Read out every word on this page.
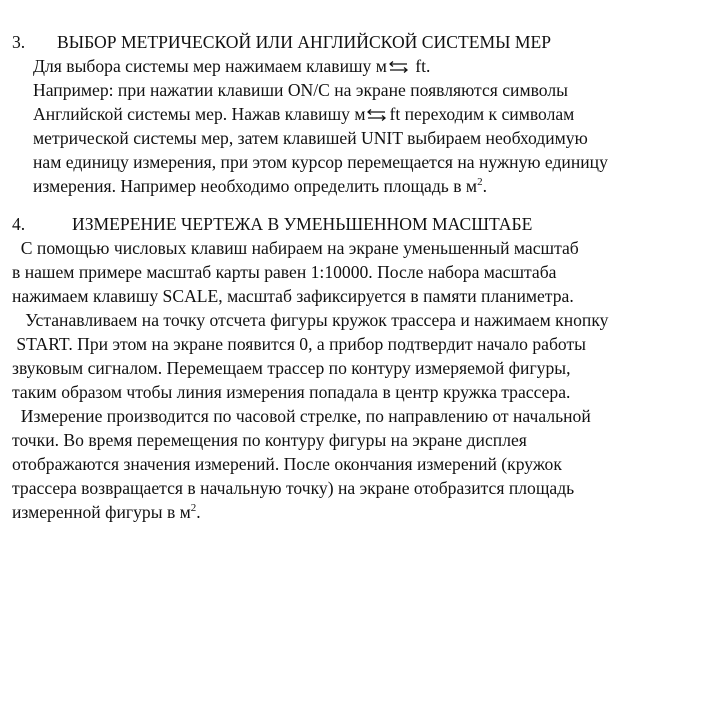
3. ВЫБОР МЕТРИЧЕСКОЙ ИЛИ АНГЛИЙСКОЙ СИСТЕМЫ МЕР
Для выбора системы мер нажимаем клавишу м
ft.
Например: при нажатии клавиши ON/C на экране появляются символы
Английской системы мер. Нажав клавишу м ft переходим к символам
метрической системы мер, затем клавишей UNIT выбираем необходимую
нам единицу измерения, при этом курсор перемещается на нужную единицу
измерения. Например необходимо определить площадь в $м^2$.
4.	ИЗМЕРЕНИЕ ЧЕРТЕЖА В УМЕНЬШЕННОМ МАСШТАБЕ
С помощью числовых клавиш набираем на экране уменьшенный масштаб
в нашем примере масштаб карты равен 1:10000. После набора масштаба
нажимаем клавишу SCALE, масштаб зафиксируется в памяти планиметра.
Устанавливаем на точку отсчета фигуры кружок трассера и нажимаем кнопку
START. При этом на экране появится 0, а прибор подтвердит начало работы
звуковым сигналом. Перемещаем трассер по контуру измеряемой фигуры,
таким образом чтобы линия измерения попадала в центр кружка трассера.
Измерение производится по часовой стрелке, по направлению от начальной
точки. Во время перемещения по контуру фигуры на экране дисплея
отображаются значения измерений. После окончания измерений (кружок
трассера возвращается в начальную точку) на экране отобразится площадь
измеренной фигуры в $м^2$.
